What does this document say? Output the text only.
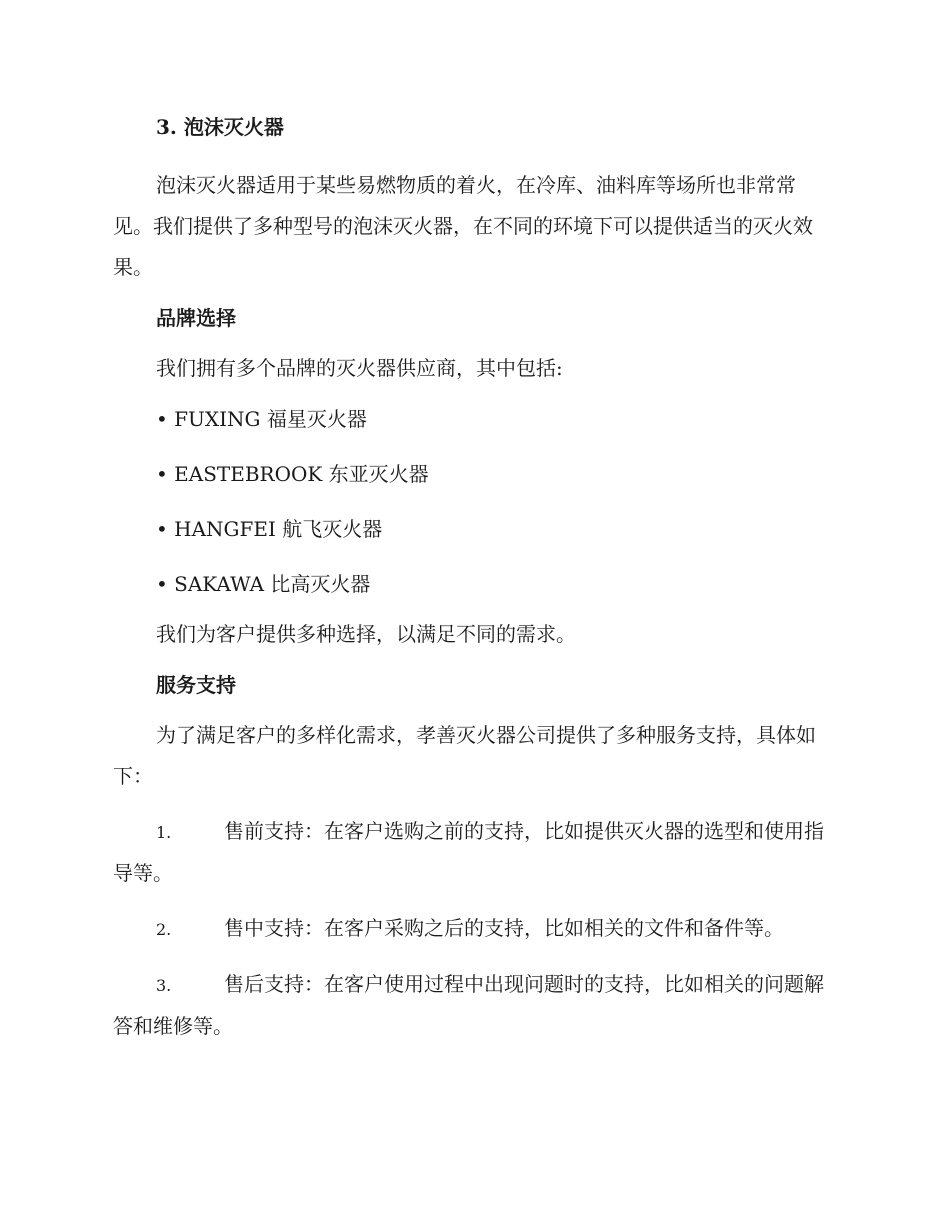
3. 泡沫灭火器

泡沫灭火器适用于某些易燃物质的着火，在冷库、油料库等场所也非常常见。我们提供了多种型号的泡沫灭火器，在不同的环境下可以提供适当的灭火效果。

品牌选择

我们拥有多个品牌的灭火器供应商，其中包括:

• FUXING 福星灭火器

• EASTEBROOK 东亚灭火器

• HANGFEI 航飞灭火器

• SAKAWA 比高灭火器

我们为客户提供多种选择，以满足不同的需求。

服务支持

为了满足客户的多样化需求，孝善灭火器公司提供了多种服务支持，具体如下：

1.	售前支持：在客户选购之前的支持，比如提供灭火器的选型和使用指导等。

2.	售中支持：在客户采购之后的支持，比如相关的文件和备件等。

3.	售后支持：在客户使用过程中出现问题时的支持，比如相关的问题解答和维修等。
